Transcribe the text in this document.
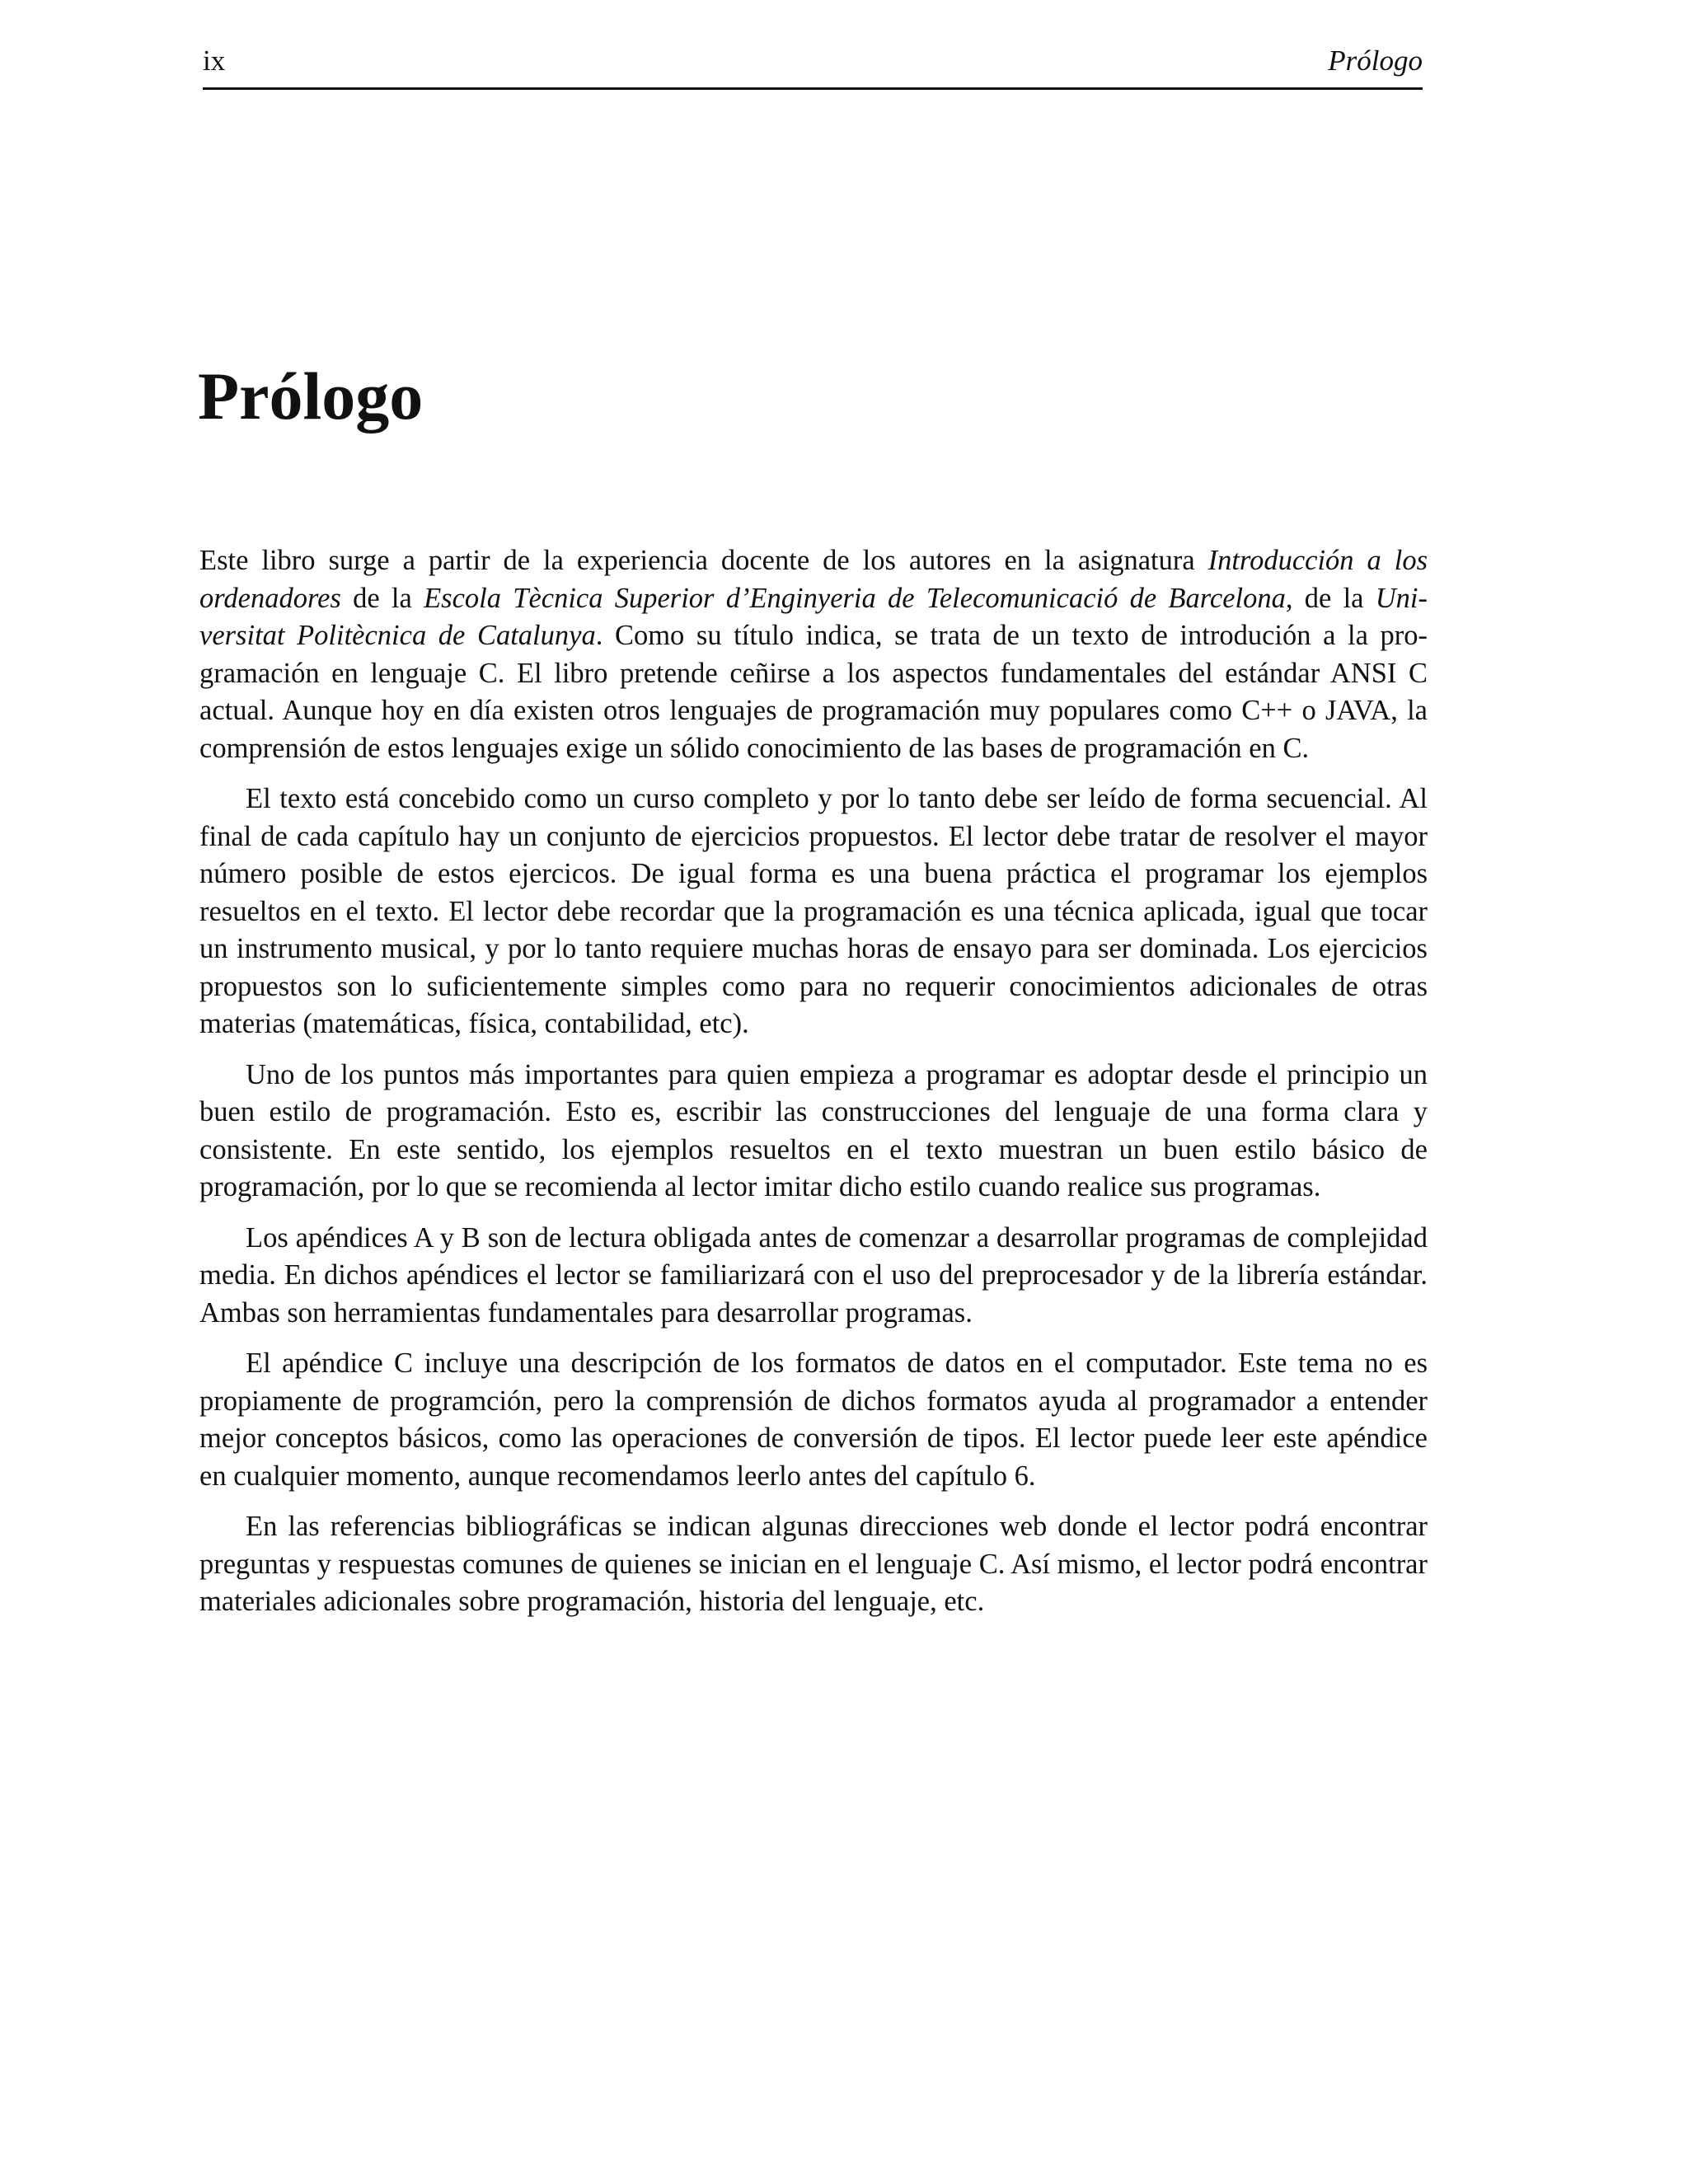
ix	Prólogo
Prólogo

Este libro surge a partir de la experiencia docente de los autores en la asignatura Introducción a los ordenadores de la Escola Tècnica Superior d’Enginyeria de Telecomunicació de Barcelona, de la Universitat Politècnica de Catalunya. Como su título indica, se trata de un texto de introdución a la programación en lenguaje C. El libro pretende ceñirse a los aspectos fundamentales del estándar ANSI C actual. Aunque hoy en día existen otros lenguajes de programación muy populares como C++ o JAVA, la comprensión de estos lenguajes exige un sólido conocimiento de las bases de programación en C.

El texto está concebido como un curso completo y por lo tanto debe ser leído de forma secuencial. Al final de cada capítulo hay un conjunto de ejercicios propuestos. El lector debe tratar de resolver el mayor número posible de estos ejercicos. De igual forma es una buena práctica el programar los ejemplos resueltos en el texto. El lector debe recordar que la programación es una técnica aplicada, igual que tocar un instrumento musical, y por lo tanto requiere muchas horas de ensayo para ser dominada. Los ejercicios propuestos son lo suficientemente simples como para no requerir conocimientos adicionales de otras materias (matemáticas, física, contabilidad, etc).

Uno de los puntos más importantes para quien empieza a programar es adoptar desde el principio un buen estilo de programación. Esto es, escribir las construcciones del lenguaje de una forma clara y consistente. En este sentido, los ejemplos resueltos en el texto muestran un buen estilo básico de programación, por lo que se recomienda al lector imitar dicho estilo cuando realice sus programas.

Los apéndices A y B son de lectura obligada antes de comenzar a desarrollar programas de complejidad media. En dichos apéndices el lector se familiarizará con el uso del preprocesador y de la librería estándar. Ambas son herramientas fundamentales para desarrollar programas.

El apéndice C incluye una descripción de los formatos de datos en el computador. Este tema no es propiamente de programción, pero la comprensión de dichos formatos ayuda al programador a entender mejor conceptos básicos, como las operaciones de conversión de tipos. El lector puede leer este apéndice en cualquier momento, aunque recomendamos leerlo antes del capítulo 6.

En las referencias bibliográficas se indican algunas direcciones web donde el lector podrá encontrar preguntas y respuestas comunes de quienes se inician en el lenguaje C. Así mismo, el lector podrá encontrar materiales adicionales sobre programación, historia del lenguaje, etc.
